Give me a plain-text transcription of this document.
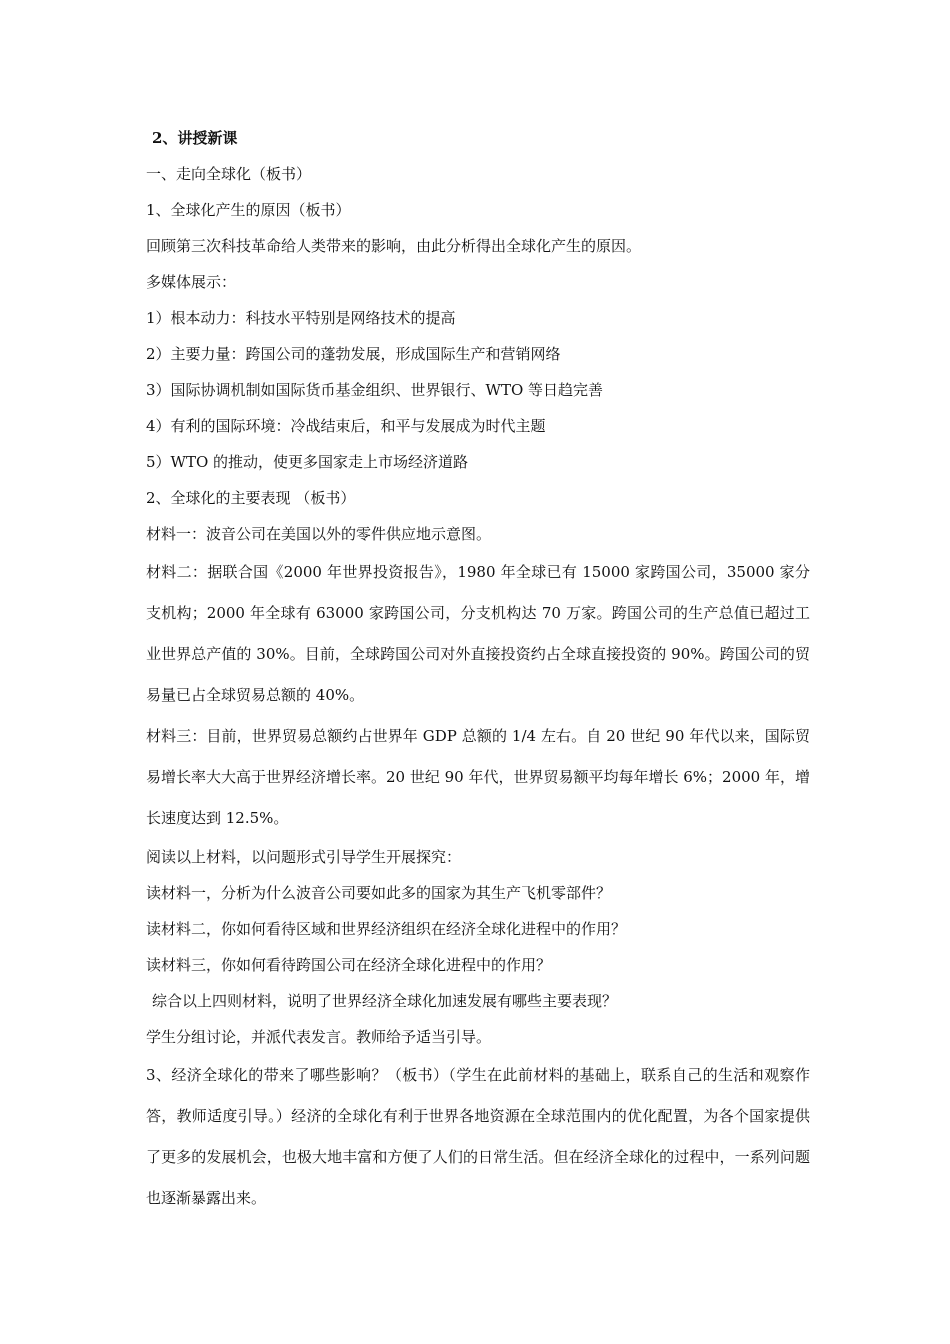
2、讲授新课

一、走向全球化（板书）

1、全球化产生的原因（板书）

回顾第三次科技革命给人类带来的影响，由此分析得出全球化产生的原因。

多媒体展示：

1）根本动力：科技水平特别是网络技术的提高

2）主要力量：跨国公司的蓬勃发展，形成国际生产和营销网络

3）国际协调机制如国际货币基金组织、世界银行、WTO 等日趋完善

4）有利的国际环境：冷战结束后，和平与发展成为时代主题

5）WTO 的推动，使更多国家走上市场经济道路

2、全球化的主要表现 （板书）

材料一：波音公司在美国以外的零件供应地示意图。

材料二：据联合国《2000 年世界投资报告》，1980 年全球已有 15000 家跨国公司，35000 家分支机构；2000 年全球有 63000 家跨国公司，分支机构达 70 万家。跨国公司的生产总值已超过工业世界总产值的 30%。目前，全球跨国公司对外直接投资约占全球直接投资的 90%。跨国公司的贸易量已占全球贸易总额的 40%。

材料三：目前，世界贸易总额约占世界年 GDP 总额的 1/4 左右。自 20 世纪 90 年代以来，国际贸易增长率大大高于世界经济增长率。20 世纪 90 年代，世界贸易额平均每年增长 6%；2000 年，增长速度达到 12.5%。

阅读以上材料，以问题形式引导学生开展探究：

读材料一，分析为什么波音公司要如此多的国家为其生产飞机零部件？

读材料二，你如何看待区域和世界经济组织在经济全球化进程中的作用？

读材料三，你如何看待跨国公司在经济全球化进程中的作用？

综合以上四则材料，说明了世界经济全球化加速发展有哪些主要表现？

学生分组讨论，并派代表发言。教师给予适当引导。

3、经济全球化的带来了哪些影响？（板书）（学生在此前材料的基础上，联系自己的生活和观察作答，教师适度引导。）经济的全球化有利于世界各地资源在全球范围内的优化配置，为各个国家提供了更多的发展机会，也极大地丰富和方便了人们的日常生活。但在经济全球化的过程中，一系列问题也逐渐暴露出来。
